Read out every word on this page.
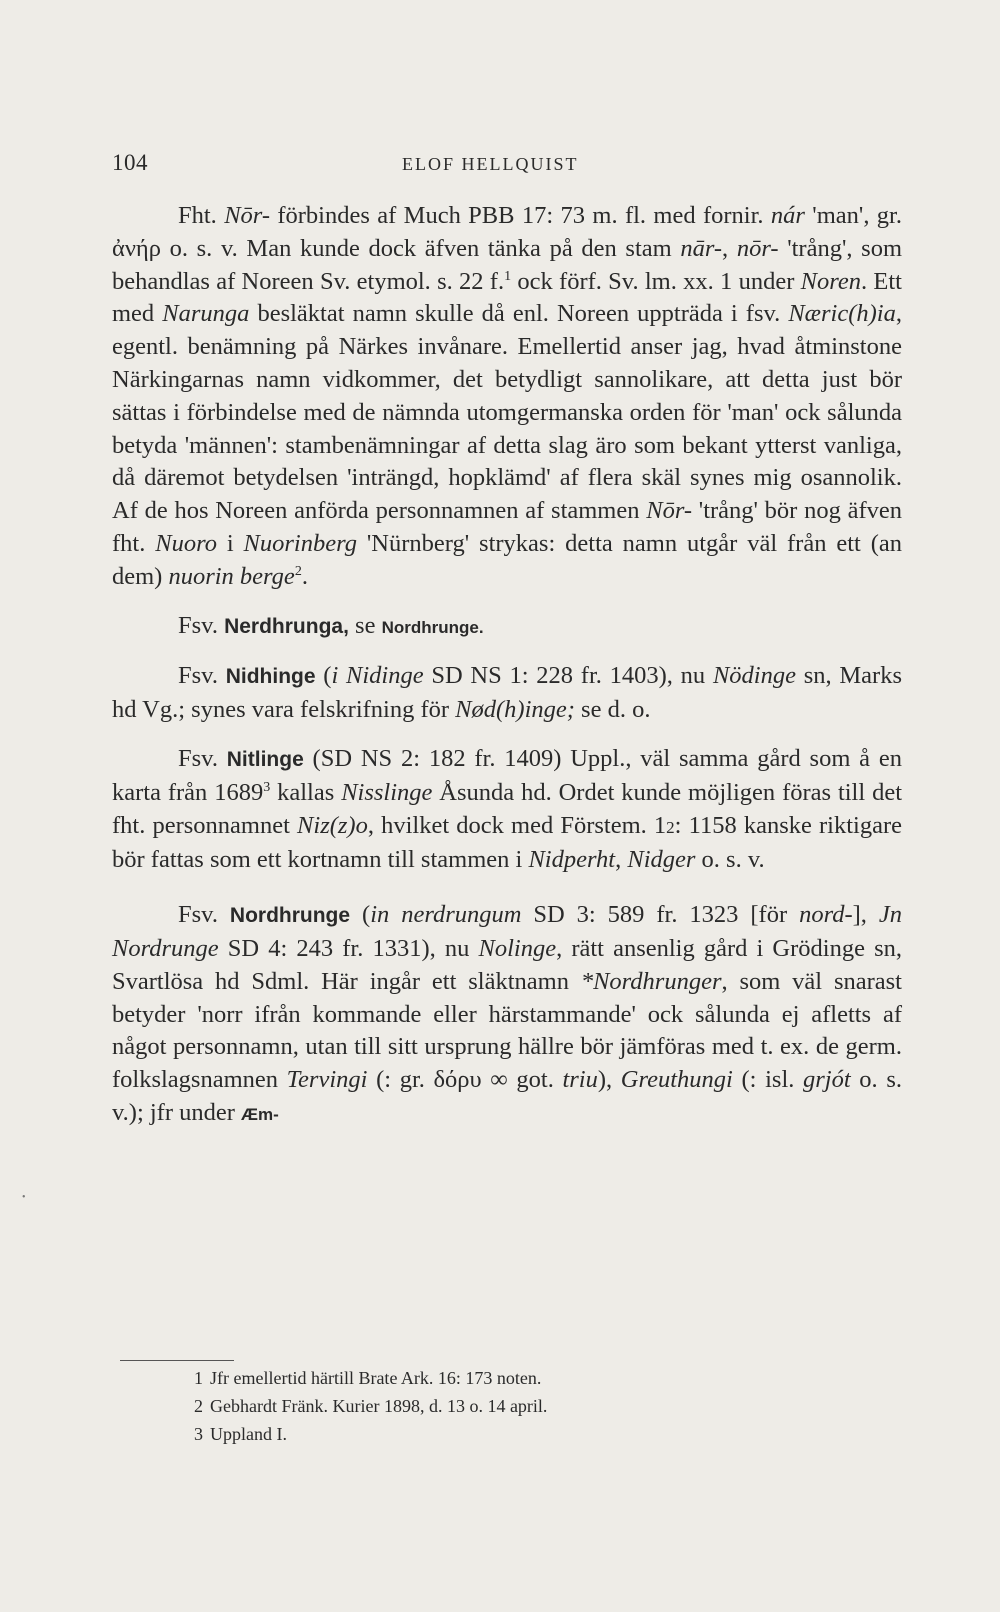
104	ELOF HELLQUIST

Fht. Nōr- förbindes af Much PBB 17: 73 m. fl. med fornir. nár 'man', gr. ἀνήρ o. s. v. Man kunde dock äfven tänka på den stam nār-, nōr- 'trång', som behandlas af Noreen Sv. etymol. s. 22 f.$^1$ ock förf. Sv. lm. xx. 1 under Noren. Ett med Narunga besläktat namn skulle då enl. Noreen uppträda i fsv. Næric(h)ia, egentl. benämning på Närkes invånare. Emellertid anser jag, hvad åtminstone Närkingarnas namn vidkommer, det betydligt sannolikare, att detta just bör sättas i förbindelse med de nämnda utomgermanska orden för 'man' ock sålunda betyda 'männen': stambenämningar af detta slag äro som bekant ytterst vanliga, då däremot betydelsen 'inträngd, hopklämd' af flera skäl synes mig osannolik. Af de hos Noreen anförda personnamnen af stammen Nōr- 'trång' bör nog äfven fht. Nuoro i Nuorinberg 'Nürnberg' strykas: detta namn utgår väl från ett (an dem) nuorin berge$^2$.

Fsv. Nerdhrunga, se Nordhrunge.

Fsv. Nidhinge (i Nidinge SD NS 1: 228 fr. 1403), nu Nödinge sn, Marks hd Vg.; synes vara felskrifning för Nød(h)inge; se d. o.

Fsv. Nitlinge (SD NS 2: 182 fr. 1409) Uppl., väl samma gård som å en karta från 1689$^3$ kallas Nisslinge Åsunda hd. Ordet kunde möjligen föras till det fht. personnamnet Niz(z)o, hvilket dock med Förstem. 12: 1158 kanske riktigare bör fattas som ett kortnamn till stammen i Nidperht, Nidger o. s. v.

Fsv. Nordhrunge (in nerdrungum SD 3: 589 fr. 1323 [för nord-], Jn Nordrunge SD 4: 243 fr. 1331), nu Nolinge, rätt ansenlig gård i Grödinge sn, Svartlösa hd Sdml. Här ingår ett släktnamn *Nordhrunger, som väl snarast betyder 'norr ifrån kommande eller härstammande' ock sålunda ej afletts af något personnamn, utan till sitt ursprung hällre bör jämföras med t. ex. de germ. folkslagsnamnen Tervingi (: gr. δόρυ ∞ got. triu), Greuthungi (: isl. grjót o. s. v.); jfr under Æm-

1 Jfr emellertid härtill Brate Ark. 16: 173 noten.

2 Gebhardt Fränk. Kurier 1898, d. 13 o. 14 april.

3 Uppland I.

•
